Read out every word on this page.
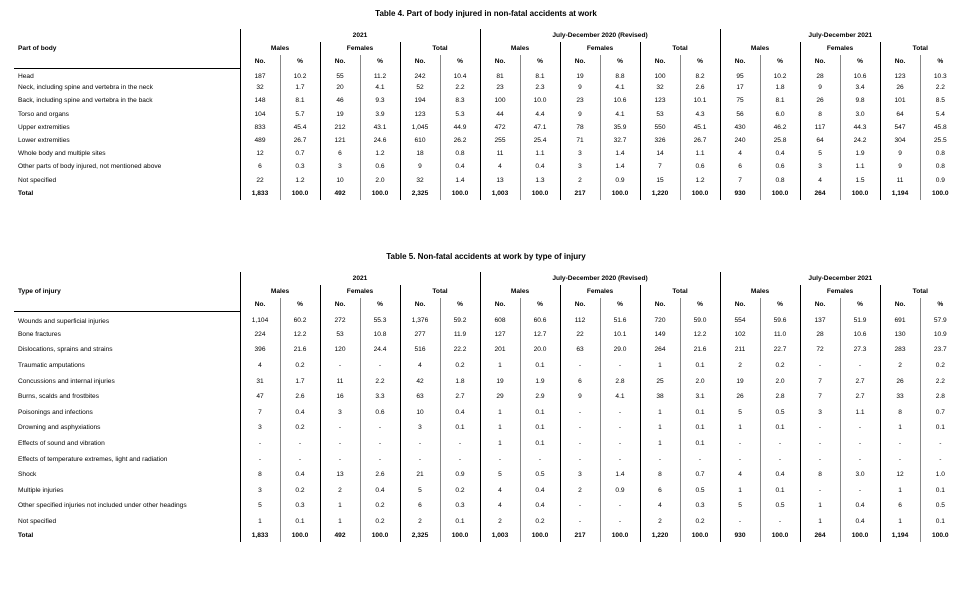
Table 4. Part of body injured in non-fatal accidents at work
Part of body	2021						July-December 2020 (Revised)						July-December 2021					
	Males		Females		Total		Males		Females		Total		Males		Females		Total	
	No.	%	No.	%	No.	%	No.	%	No.	%	No.	%	No.	%	No.	%	No.	%
Head	187	10.2	55	11.2	242	10.4	81	8.1	19	8.8	100	8.2	95	10.2	28	10.6	123	10.3
Neck, including spine and vertebra in the neck	32	1.7	20	4.1	52	2.2	23	2.3	9	4.1	32	2.6	17	1.8	9	3.4	26	2.2
Back, including spine and vertebra in the back	148	8.1	46	9.3	194	8.3	100	10.0	23	10.6	123	10.1	75	8.1	26	9.8	101	8.5
Torso and organs	104	5.7	19	3.9	123	5.3	44	4.4	9	4.1	53	4.3	56	6.0	8	3.0	64	5.4
Upper extremities	833	45.4	212	43.1	1,045	44.9	472	47.1	78	35.9	550	45.1	430	46.2	117	44.3	547	45.8
Lower extremities	489	26.7	121	24.6	610	26.2	255	25.4	71	32.7	326	26.7	240	25.8	64	24.2	304	25.5
Whole body and multiple sites	12	0.7	6	1.2	18	0.8	11	1.1	3	1.4	14	1.1	4	0.4	5	1.9	9	0.8
Other parts of body injured, not mentioned above	6	0.3	3	0.6	9	0.4	4	0.4	3	1.4	7	0.6	6	0.6	3	1.1	9	0.8
Not specified	22	1.2	10	2.0	32	1.4	13	1.3	2	0.9	15	1.2	7	0.8	4	1.5	11	0.9
Total	1,833	100.0	492	100.0	2,325	100.0	1,003	100.0	217	100.0	1,220	100.0	930	100.0	264	100.0	1,194	100.0
Table 5. Non-fatal accidents at work by type of injury
Type of injury	2021						July-December 2020 (Revised)						July-December 2021					
	Males		Females		Total		Males		Females		Total		Males		Females		Total	
	No.	%	No.	%	No.	%	No.	%	No.	%	No.	%	No.	%	No.	%	No.	%
Wounds and superficial injuries	1,104	60.2	272	55.3	1,376	59.2	608	60.6	112	51.6	720	59.0	554	59.6	137	51.9	691	57.9
Bone fractures	224	12.2	53	10.8	277	11.9	127	12.7	22	10.1	149	12.2	102	11.0	28	10.6	130	10.9
Dislocations, sprains and strains	396	21.6	120	24.4	516	22.2	201	20.0	63	29.0	264	21.6	211	22.7	72	27.3	283	23.7
Traumatic amputations	4	0.2	-	-	4	0.2	1	0.1	-	-	1	0.1	2	0.2	-	-	2	0.2
Concussions and internal injuries	31	1.7	11	2.2	42	1.8	19	1.9	6	2.8	25	2.0	19	2.0	7	2.7	26	2.2
Burns, scalds and frostbites	47	2.6	16	3.3	63	2.7	29	2.9	9	4.1	38	3.1	26	2.8	7	2.7	33	2.8
Poisonings and infections	7	0.4	3	0.6	10	0.4	1	0.1	-	-	1	0.1	5	0.5	3	1.1	8	0.7
Drowning and asphyxiations	3	0.2	-	-	3	0.1	1	0.1	-	-	1	0.1	1	0.1	-	-	1	0.1
Effects of sound and vibration	-	-	-	-	-	-	1	0.1	-	-	1	0.1	-	-	-	-	-	-
Effects of temperature extremes, light and radiation	-	-	-	-	-	-	-	-	-	-	-	-	-	-	-	-	-	-
Shock	8	0.4	13	2.6	21	0.9	5	0.5	3	1.4	8	0.7	4	0.4	8	3.0	12	1.0
Multiple injuries	3	0.2	2	0.4	5	0.2	4	0.4	2	0.9	6	0.5	1	0.1	-	-	1	0.1
Other specified injuries not included under other headings	5	0.3	1	0.2	6	0.3	4	0.4	-	-	4	0.3	5	0.5	1	0.4	6	0.5
Not specified	1	0.1	1	0.2	2	0.1	2	0.2	-	-	2	0.2	-	-	1	0.4	1	0.1
Total	1,833	100.0	492	100.0	2,325	100.0	1,003	100.0	217	100.0	1,220	100.0	930	100.0	264	100.0	1,194	100.0
